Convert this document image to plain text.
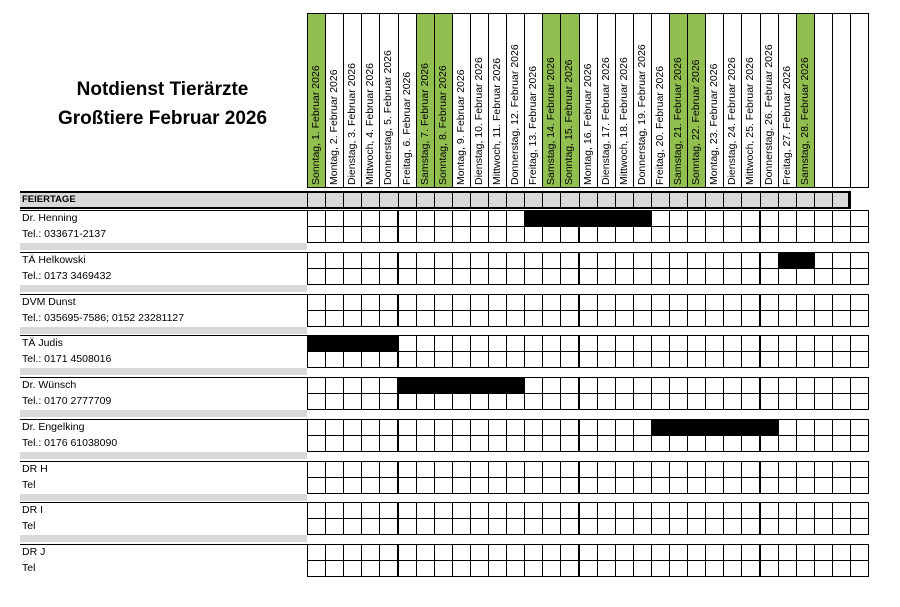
Notdienst Tierärzte
Großtiere Februar 2026	Sonntag, 1. Februar 2026 Montag, 2. Februar 2026 Dienstag, 3. Februar 2026 Mittwoch, 4. Februar 2026 Donnerstag, 5. Februar 2026 Freitag, 6. Februar 2026 Samstag, 7. Februar 2026 Sonntag, 8. Februar 2026 Montag, 9. Februar 2026 Dienstag, 10. Februar 2026 Mittwoch, 11. Februar 2026 Donnerstag, 12. Februar 2026 Freitag, 13. Februar 2026 Samstag, 14. Februar 2026 Sonntag, 15. Februar 2026 Montag, 16. Februar 2026 Dienstag, 17. Februar 2026 Mittwoch, 18. Februar 2026 Donnerstag, 19. Februar 2026 Freitag, 20. Februar 2026 Samstag, 21. Februar 2026 Sonntag, 22. Februar 2026 Montag, 23. Februar 2026 Dienstag, 24. Februar 2026 Mittwoch, 25. Februar 2026 Donnerstag, 26. Februar 2026 Freitag, 27. Februar 2026 Samstag, 28. Februar 2026
FEIERTAGE
Dr. Henning
Tel.: 033671-2137
TÄ Helkowski
Tel.: 0173 3469432
DVM Dunst
Tel.: 035695-7586; 0152 23281127
TÄ Judis
Tel.: 0171 4508016
Dr. Wünsch
Tel.: 0170 2777709
Dr. Engelking
Tel.: 0176 61038090
DR H
Tel
DR I
Tel
DR J
Tel
